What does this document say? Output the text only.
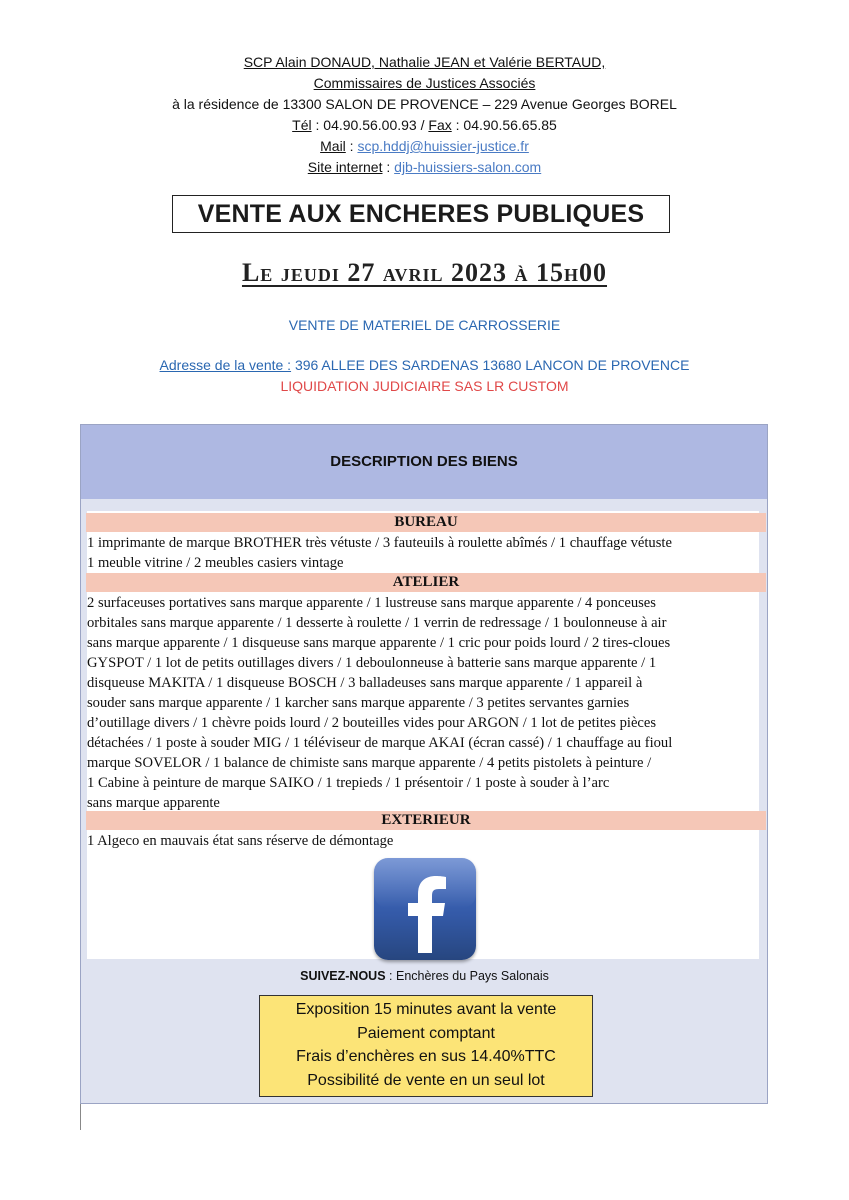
SCP Alain DONAUD, Nathalie JEAN et Valérie BERTAUD,
Commissaires de Justices Associés
à la résidence de 13300 SALON DE PROVENCE – 229 Avenue Georges BOREL
Tél : 04.90.56.00.93 / Fax : 04.90.56.65.85
Mail : scp.hddj@huissier-justice.fr
Site internet : djb-huissiers-salon.com
VENTE AUX ENCHERES PUBLIQUES
Le jeudi 27 avril 2023 à 15h00
VENTE DE MATERIEL DE CARROSSERIE
Adresse de la vente : 396 ALLEE DES SARDENAS 13680 LANCON DE PROVENCE
LIQUIDATION JUDICIAIRE SAS LR CUSTOM
DESCRIPTION DES BIENS
BUREAU
1 imprimante de marque BROTHER très vétuste / 3 fauteuils à roulette abîmés / 1 chauffage vétuste
1 meuble vitrine / 2 meubles casiers vintage
ATELIER
2 surfaceuses portatives sans marque apparente / 1 lustreuse sans marque apparente / 4 ponceuses
orbitales sans marque apparente / 1 desserte à roulette / 1 verrin de redressage / 1 boulonneuse à air
sans marque apparente / 1 disqueuse sans marque apparente / 1 cric pour poids lourd / 2 tires-cloues
GYSPOT / 1 lot de petits outillages divers / 1 deboulonneuse à batterie sans marque apparente / 1
disqueuse MAKITA / 1 disqueuse BOSCH / 3 balladeuses sans marque apparente / 1 appareil à
souder sans marque apparente / 1 karcher sans marque apparente / 3 petites servantes garnies
d’outillage divers / 1 chèvre poids lourd / 2 bouteilles vides pour ARGON / 1 lot de petites pièces
détachées / 1 poste à souder MIG / 1 téléviseur de marque AKAI (écran cassé) / 1 chauffage au fioul
marque SOVELOR / 1 balance de chimiste sans marque apparente / 4 petits pistolets à peinture /
1 Cabine à peinture de marque SAIKO / 1 trepieds / 1 présentoir / 1 poste à souder à l’arc
sans marque apparente
EXTERIEUR
1 Algeco en mauvais état sans réserve de démontage
SUIVEZ-NOUS : Enchères du Pays Salonais
Exposition 15 minutes avant la vente
Paiement comptant
Frais d’enchères en sus 14.40%TTC
Possibilité de vente en un seul lot
